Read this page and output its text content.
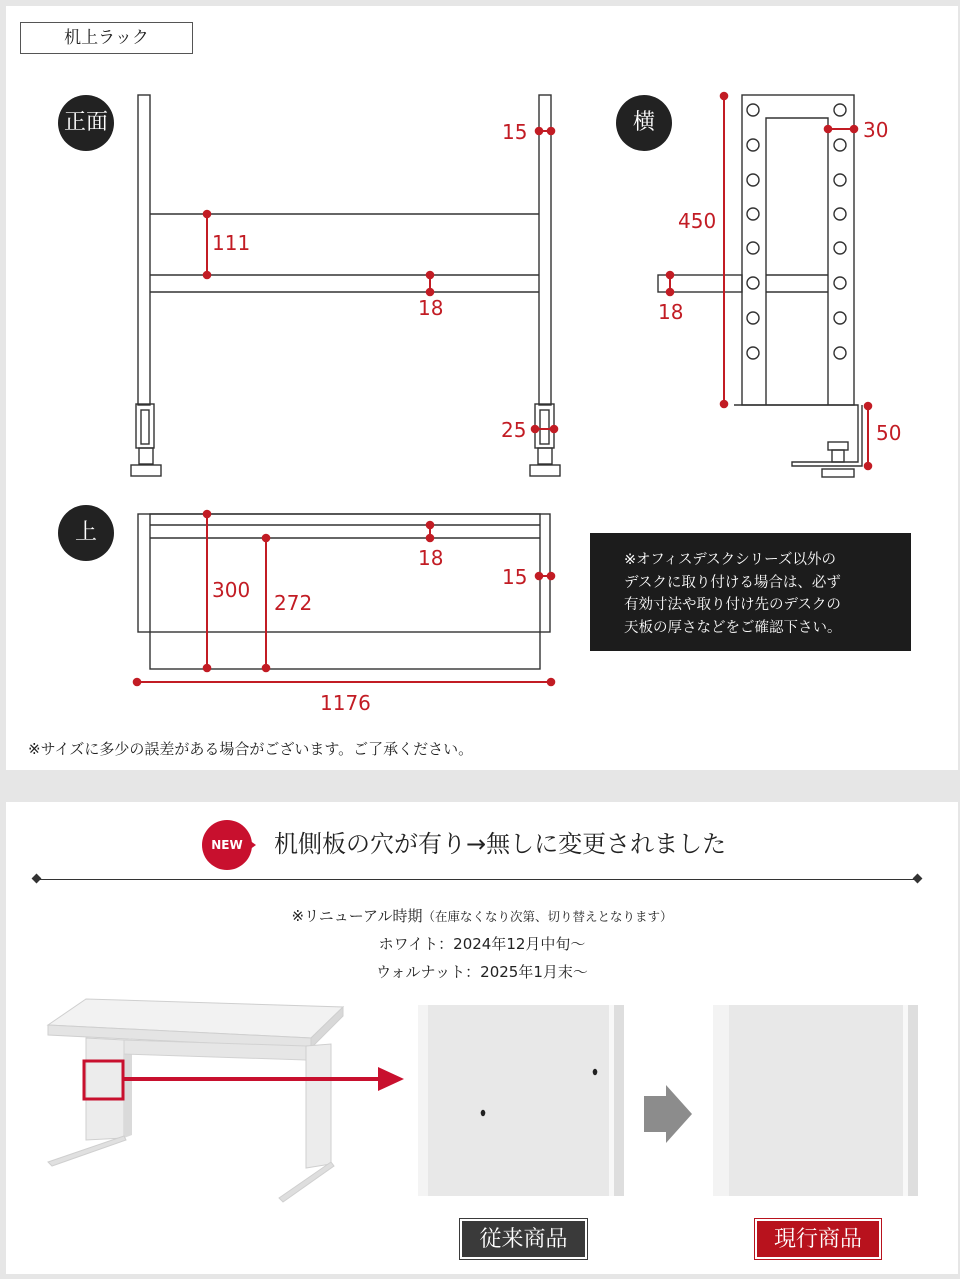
机上ラック
正面	横
上
15
111
18
25
30
450
18
50
18
15
300
272
1176
※オフィスデスクシリーズ以外の
デスクに取り付ける場合は、必ず
有効寸法や取り付け先のデスクの
天板の厚さなどをご確認下さい。
※サイズに多少の誤差がある場合がございます。ご了承ください。
NEW	机側板の穴が有り→無しに変更されました
※リニューアル時期（在庫なくなり次第、切り替えとなります）
ホワイト：2024年12月中旬〜
ウォルナット：2025年1月末〜
従来商品	現行商品
